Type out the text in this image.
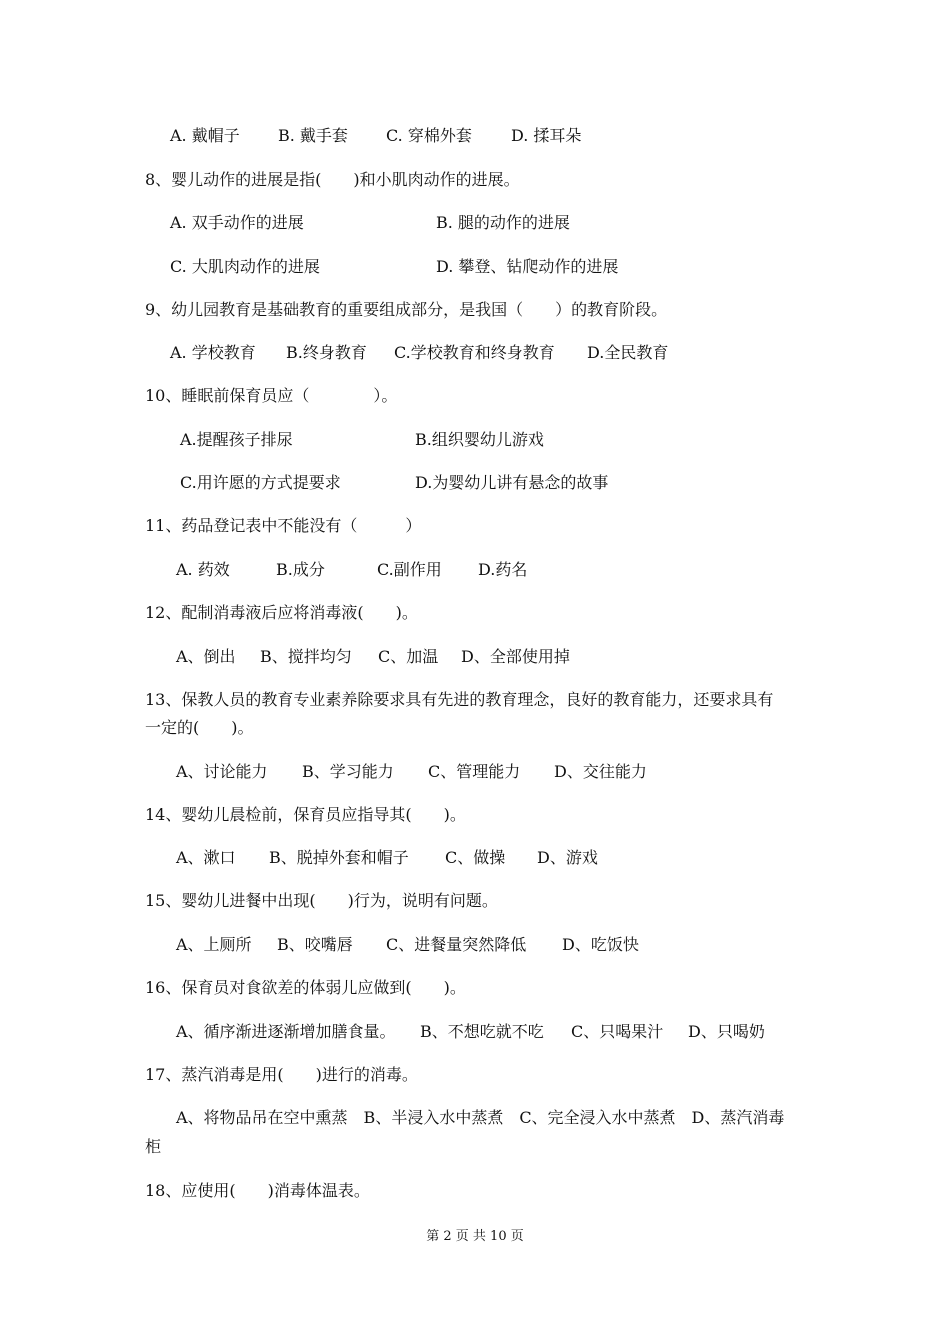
A. 戴帽子 B. 戴手套 C. 穿棉外套 D. 揉耳朵
8、婴儿动作的进展是指(　　)和小肌肉动作的进展。
A. 双手动作的进展	B. 腿的动作的进展
C. 大肌肉动作的进展	D. 攀登、钻爬动作的进展
9、幼儿园教育是基础教育的重要组成部分，是我国（　　）的教育阶段。
A. 学校教育 B.终身教育 C.学校教育和终身教育 D.全民教育
10、睡眠前保育员应（　　　　）。
A.提醒孩子排尿	B.组织婴幼儿游戏
C.用许愿的方式提要求	D.为婴幼儿讲有悬念的故事
11、药品登记表中不能没有（　　　）
A. 药效	B.成分	C.副作用 D.药名
12、配制消毒液后应将消毒液(　　)。
A、倒出 B、搅拌均匀 C、加温 D、全部使用掉
13、保教人员的教育专业素养除要求具有先进的教育理念，良好的教育能力，还要求具有
一定的(　　)。
A、讨论能力 B、学习能力 C、管理能力 D、交往能力
14、婴幼儿晨检前，保育员应指导其(　　)。
A、漱口 B、脱掉外套和帽子 C、做操 D、游戏
15、婴幼儿进餐中出现(　　)行为，说明有问题。
A、上厕所 B、咬嘴唇 C、进餐量突然降低 D、吃饭快
16、保育员对食欲差的体弱儿应做到(　　)。
A、循序渐进逐渐增加膳食量。 B、不想吃就不吃 C、只喝果汁 D、只喝奶
17、蒸汽消毒是用(　　)进行的消毒。
A、将物品吊在空中熏蒸　B、半浸入水中蒸煮　C、完全浸入水中蒸煮　D、蒸汽消毒
柜
18、应使用(　　)消毒体温表。
第 2 页 共 10 页
